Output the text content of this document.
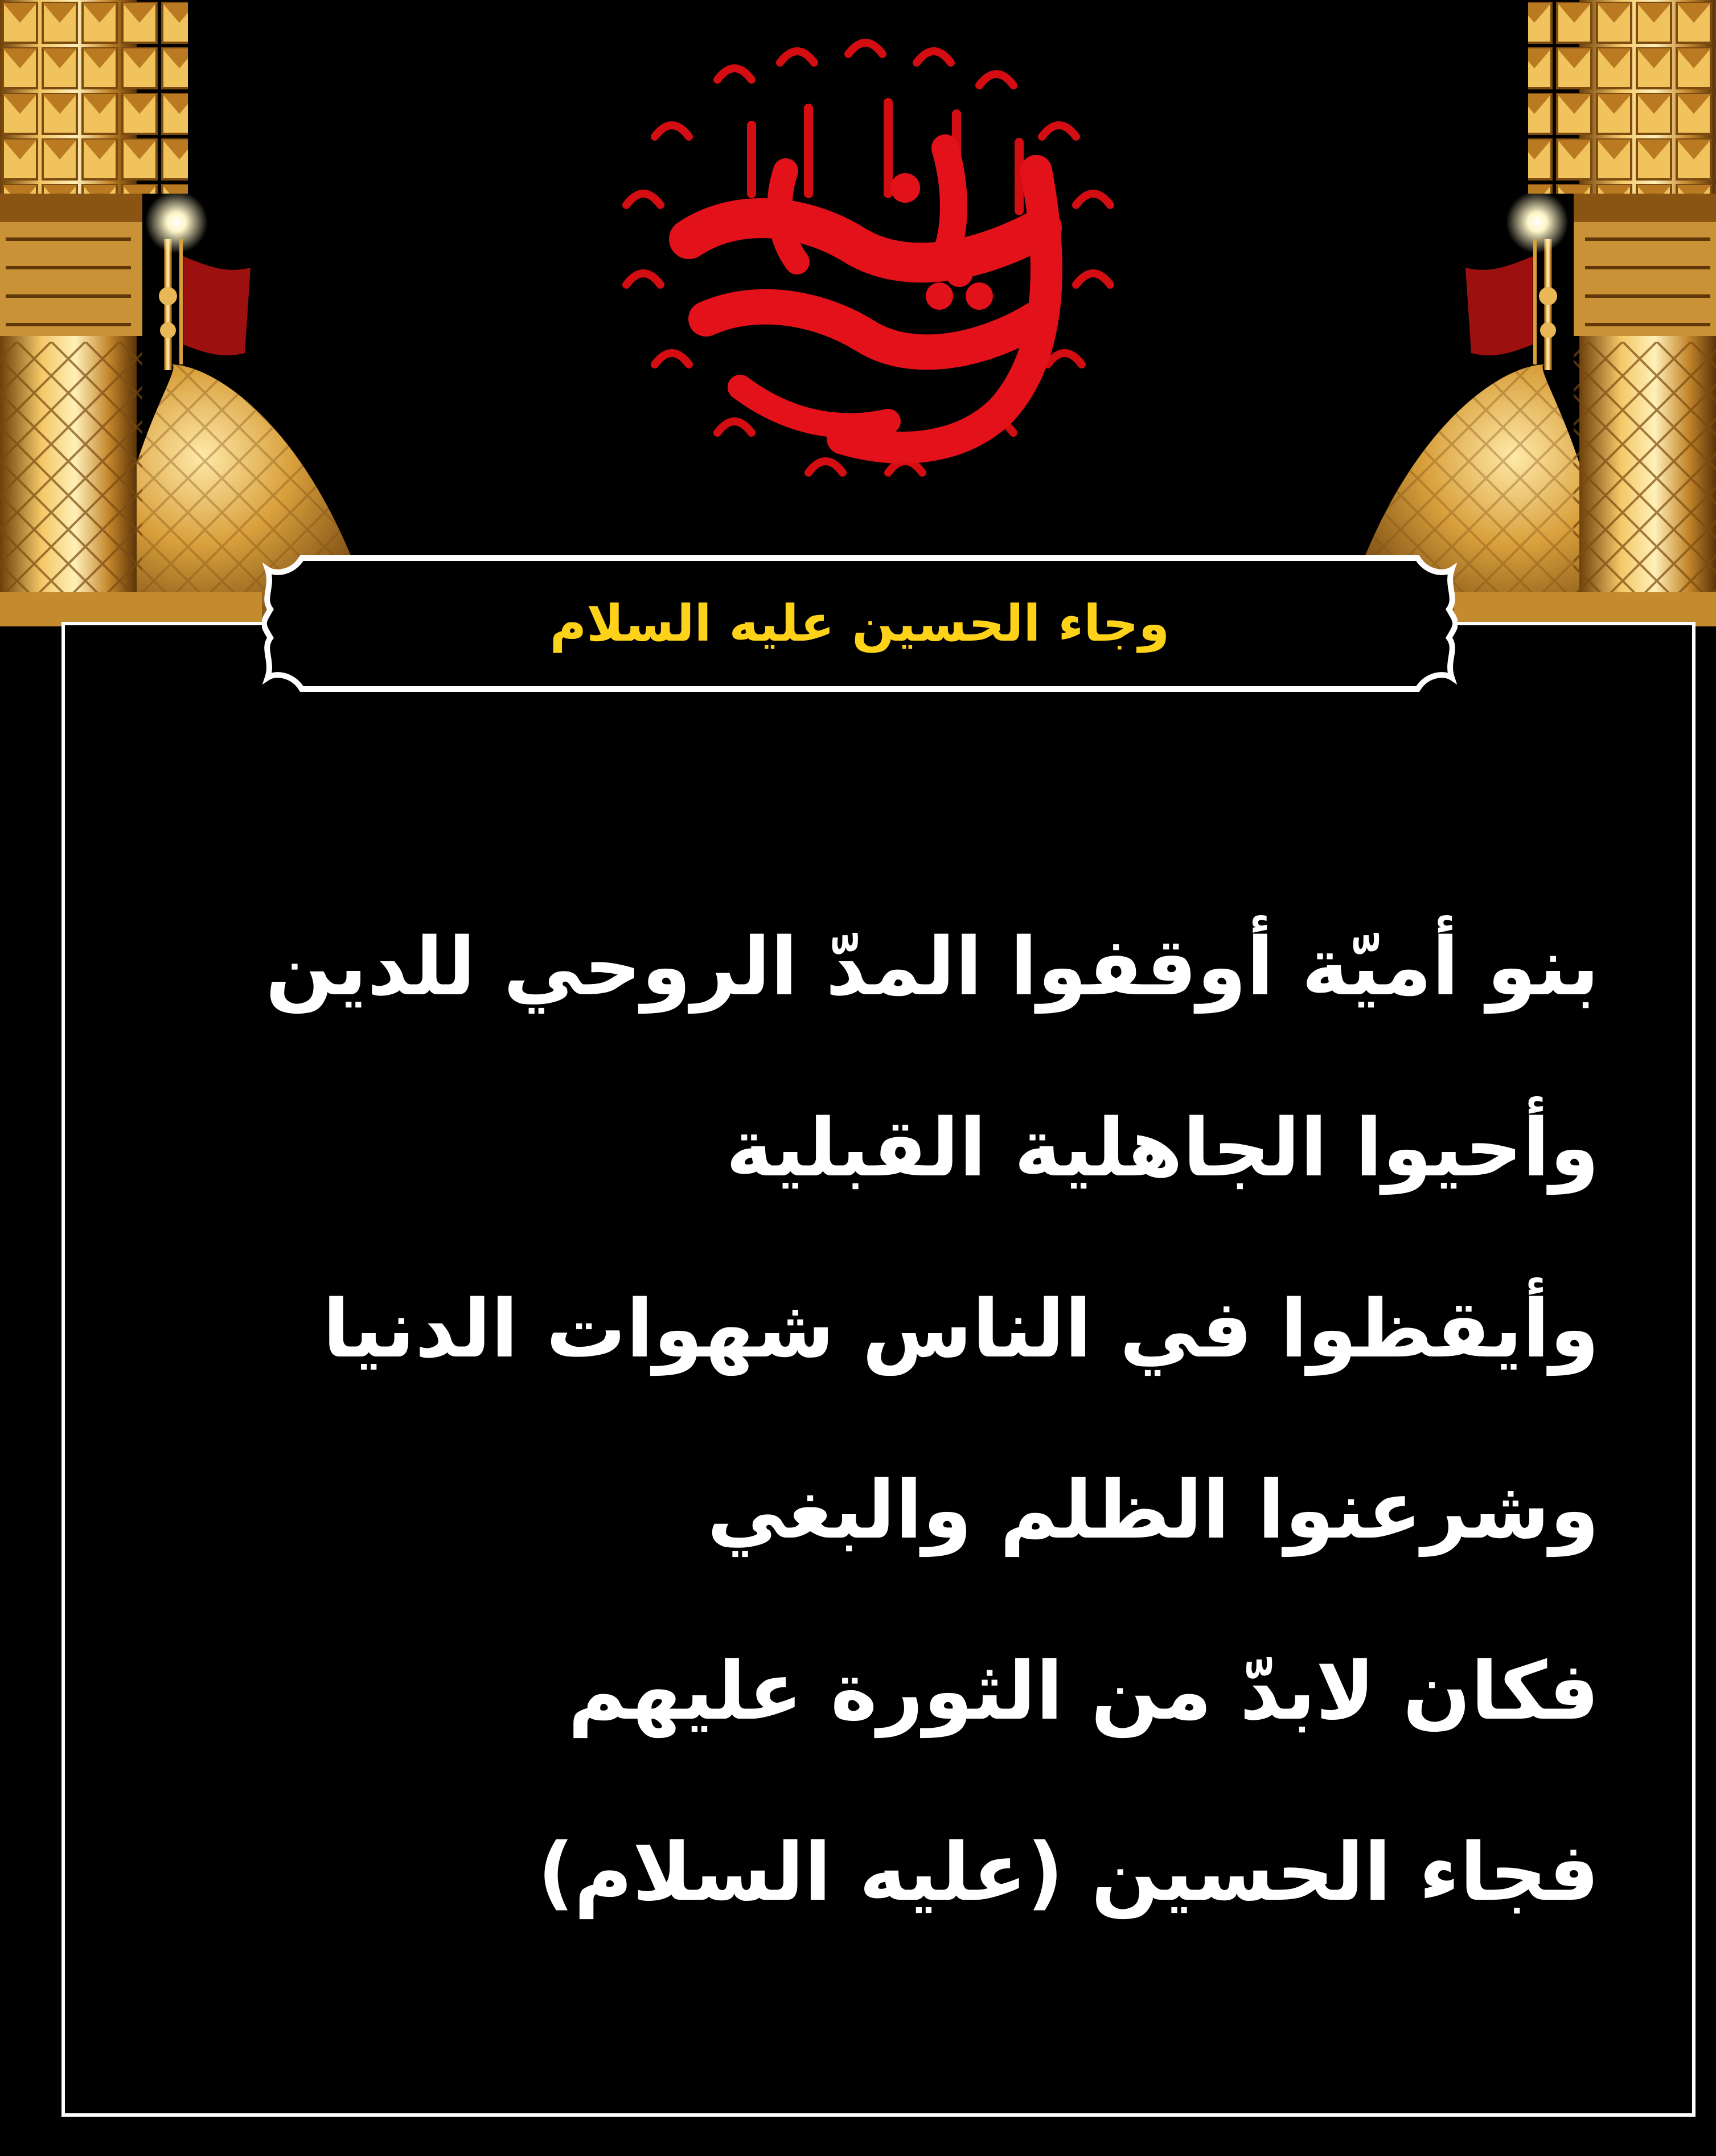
وجاء الحسين عليه السلام
بنو أميّة أوقفوا المدّ الروحي للدين
وأحيوا الجاهلية القبلية
وأيقظوا في الناس شهوات الدنيا
وشرعنوا الظلم والبغي
فكان لابدّ من الثورة عليهم
فجاء الحسين (عليه السلام)
